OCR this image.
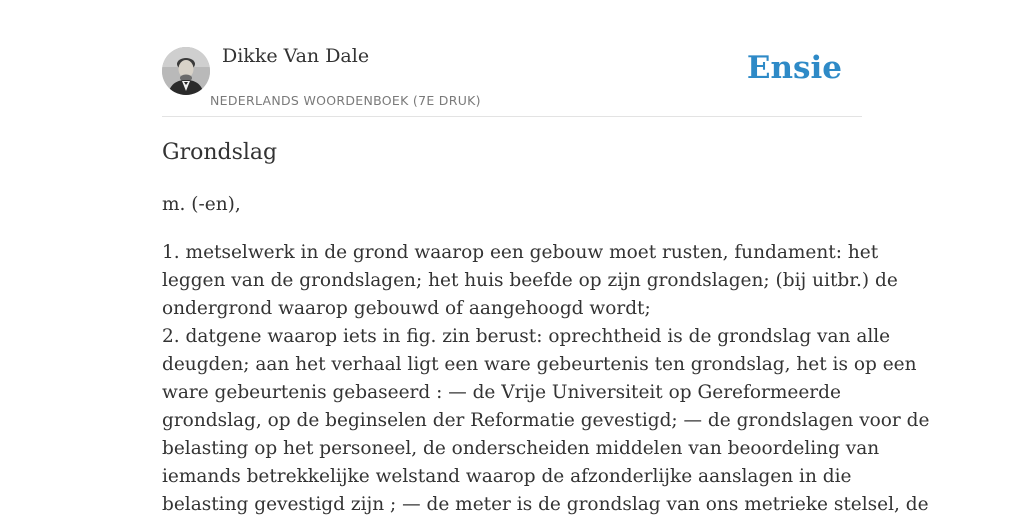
Dikke Van Dale
NEDERLANDS WOORDENBOEK (7E DRUK)
Ensie
Grondslag
m. (-en),
1. metselwerk in de grond waarop een gebouw moet rusten, fundament: het
leggen van de grondslagen; het huis beefde op zijn grondslagen; (bij uitbr.) de
ondergrond waarop gebouwd of aangehoogd wordt;
2. datgene waarop iets in fig. zin berust: oprechtheid is de grondslag van alle
deugden; aan het verhaal ligt een ware gebeurtenis ten grondslag, het is op een
ware gebeurtenis gebaseerd : — de Vrije Universiteit op Gereformeerde
grondslag, op de beginselen der Reformatie gevestigd; — de grondslagen voor de
belasting op het personeel, de onderscheiden middelen van beoordeling van
iemands betrekkelijke welstand waarop de afzonderlijke aanslagen in die
belasting gevestigd zijn ; — de meter is de grondslag van ons metrieke stelsel, de
